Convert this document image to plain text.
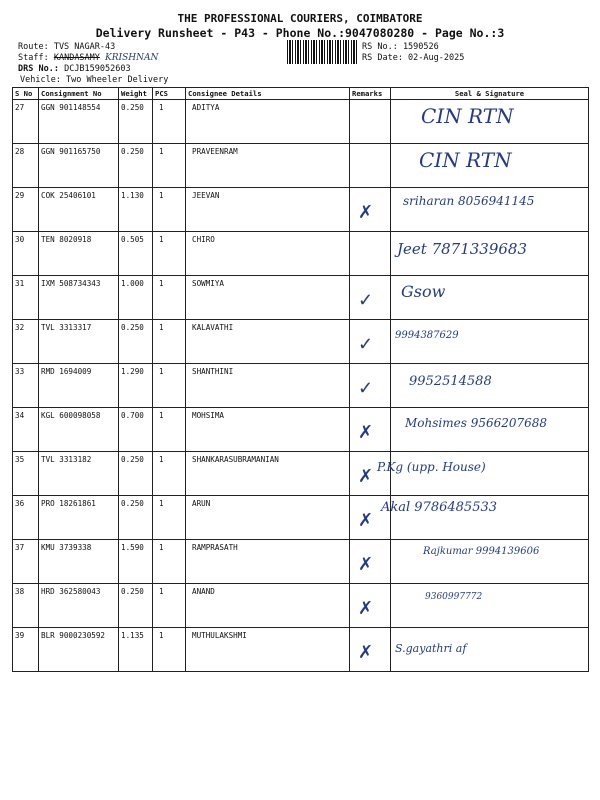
THE PROFESSIONAL COURIERS, COIMBATORE
Delivery Runsheet - P43 - Phone No.:9047080280 - Page No.:3
Route: TVS NAGAR-43
Staff: KANDASAMY KRISHNAN
DRS No.: DCJB159052603
Vehicle: Two Wheeler Delivery
RS No.: 1590526
RS Date: 02-Aug-2025
S No	Consignment No	Weight	PCS	Consignee Details	Remarks	Seal & Signature
27	GGN 901148554	0.250	1	ADITYA		CIN RTN

28	GGN 901165750	0.250	1	PRAVEENRAM		CIN RTN

29	COK 25406101	1.130	1	JEEVAN	✗	sriharan 8056941145

30	TEN 8020918	0.505	1	CHIRO		Jeet 7871339683

31	IXM 508734343	1.000	1	SOWMIYA	✓	Gsow

32	TVL 3313317	0.250	1	KALAVATHI	✓	9994387629

33	RMD 1694009	1.290	1	SHANTHINI	✓	9952514588

34	KGL 600098058	0.700	1	MOHSIMA	✗	Mohsimes 9566207688

35	TVL 3313182	0.250	1	SHANKARASUBRAMANIAN	✗	P.Kg (upp. House)

36	PRO 18261861	0.250	1	ARUN	✗	Akal 9786485533

37	KMU 3739338	1.590	1	RAMPRASATH	✗	Rajkumar 9994139606

38	HRD 362580043	0.250	1	ANAND	✗	9360997772

39	BLR 9000230592	1.135	1	MUTHULAKSHMI	✗	S.gayathri af
